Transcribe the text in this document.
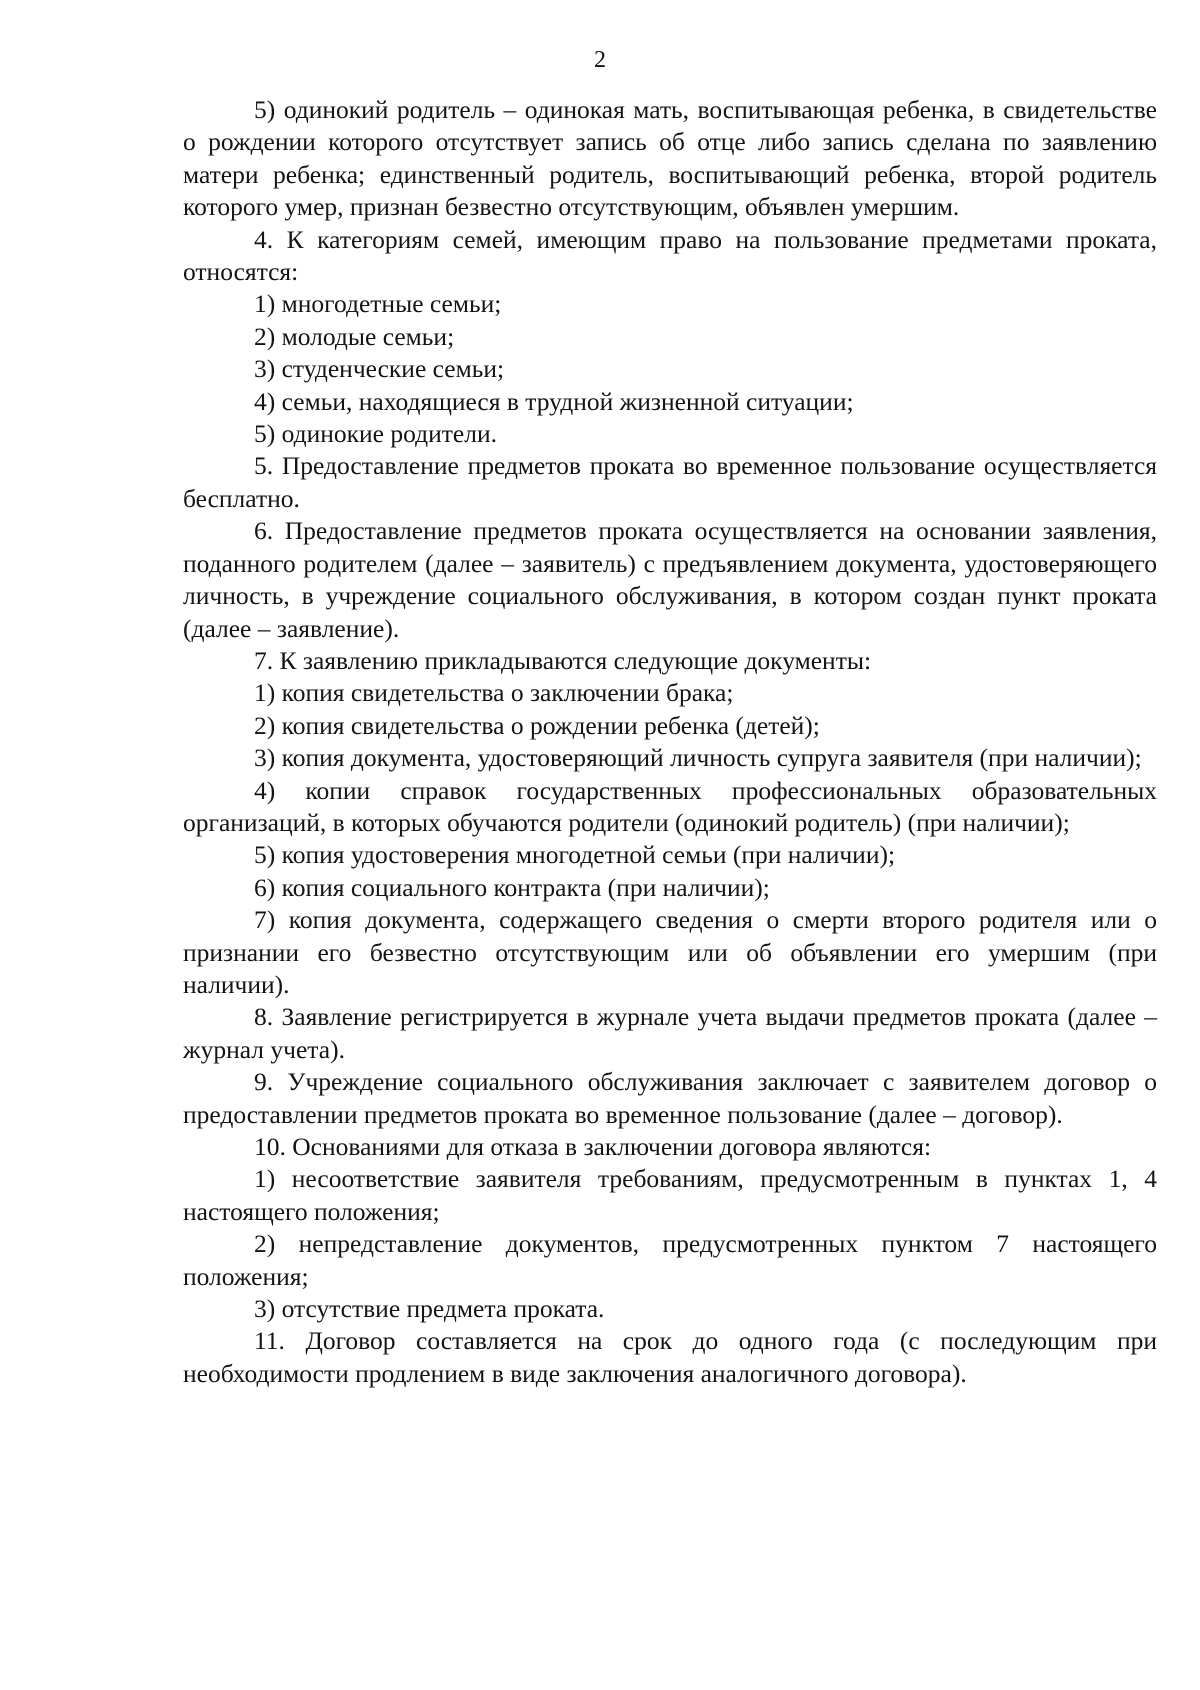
2

5) одинокий родитель – одинокая мать, воспитывающая ребенка, в свидетельстве о рождении которого отсутствует запись об отце либо запись сделана по заявлению матери ребенка; единственный родитель, воспитывающий ребенка, второй родитель которого умер, признан безвестно отсутствующим, объявлен умершим.

4. К категориям семей, имеющим право на пользование предметами проката, относятся:

1) многодетные семьи;

2) молодые семьи;

3) студенческие семьи;

4) семьи, находящиеся в трудной жизненной ситуации;

5) одинокие родители.

5. Предоставление предметов проката во временное пользование осуществляется бесплатно.

6. Предоставление предметов проката осуществляется на основании заявления, поданного родителем (далее – заявитель) с предъявлением документа, удостоверяющего личность, в учреждение социального обслуживания, в котором создан пункт проката (далее – заявление).

7. К заявлению прикладываются следующие документы:

1) копия свидетельства о заключении брака;

2) копия свидетельства о рождении ребенка (детей);

3) копия документа, удостоверяющий личность супруга заявителя (при наличии);

4) копии справок государственных профессиональных образовательных организаций, в которых обучаются родители (одинокий родитель) (при наличии);

5) копия удостоверения многодетной семьи (при наличии);

6) копия социального контракта (при наличии);

7) копия документа, содержащего сведения о смерти второго родителя или о признании его безвестно отсутствующим или об объявлении его умершим (при наличии).

8. Заявление регистрируется в журнале учета выдачи предметов проката (далее – журнал учета).

9. Учреждение социального обслуживания заключает с заявителем договор о предоставлении предметов проката во временное пользование (далее – договор).

10. Основаниями для отказа в заключении договора являются:

1) несоответствие заявителя требованиям, предусмотренным в пунктах 1, 4 настоящего положения;

2) непредставление документов, предусмотренных пунктом 7 настоящего положения;

3) отсутствие предмета проката.

11. Договор составляется на срок до одного года (с последующим при необходимости продлением в виде заключения аналогичного договора).
